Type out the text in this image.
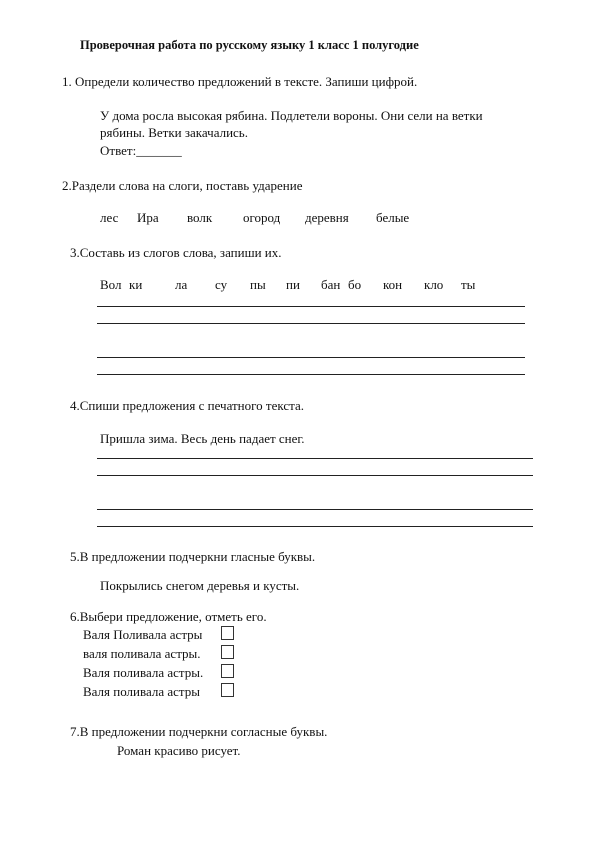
Проверочная работа по русскому языку 1 класс 1 полугодие
1. Определи количество предложений в тексте. Запиши цифрой.
У дома росла высокая рябина. Подлетели вороны. Они сели на ветки
рябины. Ветки закачались.
Ответ:_______
2.Раздели слова на слоги, поставь ударение
лес Ира волк огород деревня белые
3.Составь из слогов слова, запиши их.
Вол ки	ла су пы пи бан бо кон кло ты
4.Спиши предложения с печатного текста.
Пришла зима. Весь день падает снег.
5.В предложении подчеркни гласные буквы.
Покрылись снегом деревья и кусты.
6.Выбери предложение, отметь его.
Валя Поливала астры
валя поливала астры.
Валя поливала астры.
Валя поливала астры
7.В предложении подчеркни согласные буквы.
Роман красиво рисует.
